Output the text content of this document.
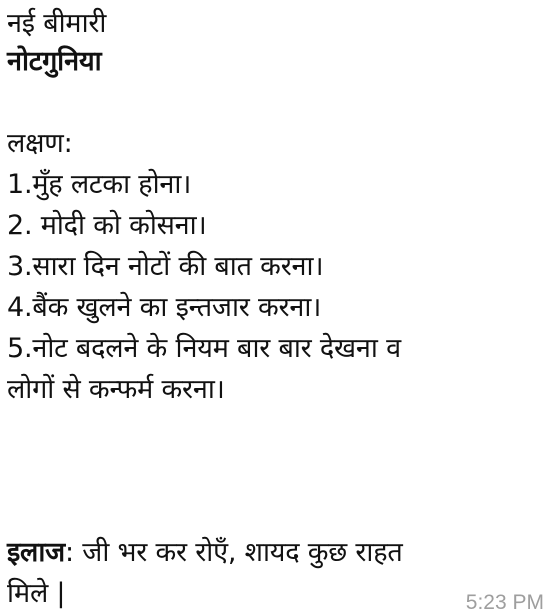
नई बीमारी
नोटगुनिया
लक्षण:
1.मुँह लटका होना।
2. मोदी को कोसना।
3.सारा दिन नोटों की बात करना।
4.बैंक खुलने का इन्तजार करना।
5.नोट बदलने के नियम बार बार देखना व
लोगों से कन्फर्म करना।
इलाज: जी भर कर रोएँ, शायद कुछ राहत
मिले |	5:23 PM
